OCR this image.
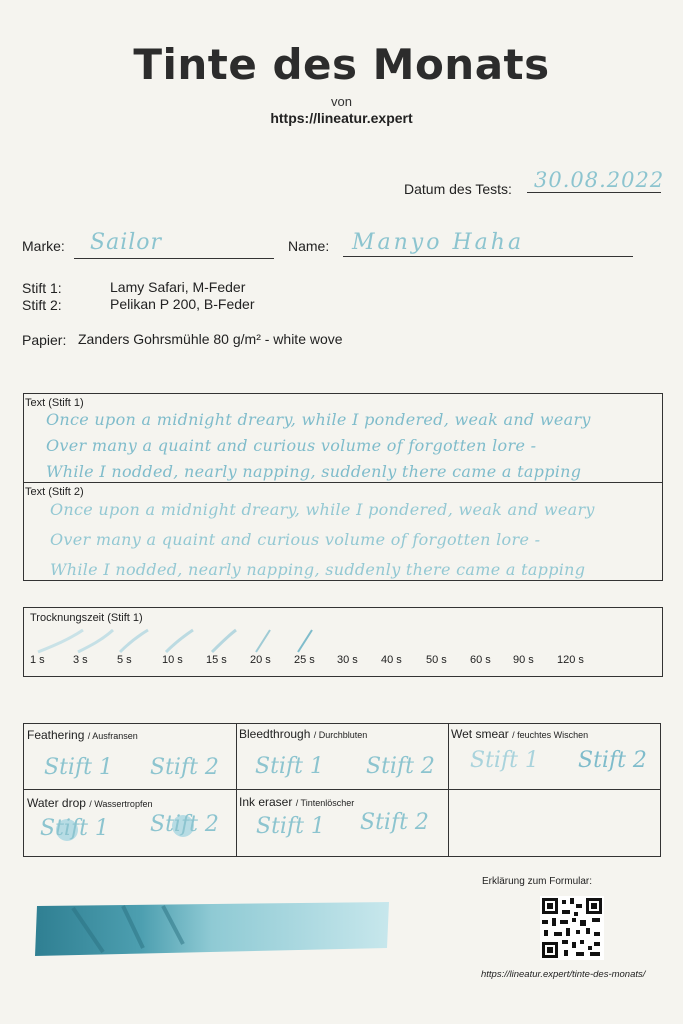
Tinte des Monats
von
https://lineatur.expert
Datum des Tests: 30.08.2022
Marke: Sailor	Name: Manyo Haha
Stift 1:	Lamy Safari, M-Feder
Stift 2:	Pelikan P 200, B-Feder
Papier: Zanders Gohrsmühle 80 g/m² - white wove
Text (Stift 1)
Once upon a midnight dreary, while I pondered, weak and weary
Over many a quaint and curious volume of forgotten lore -
While I nodded, nearly napping, suddenly there came a tapping
Text (Stift 2)
Once upon a midnight dreary, while I pondered, weak and weary
Over many a quaint and curious volume of forgotten lore -
While I nodded, nearly napping, suddenly there came a tapping
Trocknungszeit (Stift 1)
1 s	3 s	5 s	10 s 15 s 20 s 25 s 30 s 40 s 50 s 60 s 90 s 120 s
Feathering / Ausfransen
Stift 1 Stift 2
Bleedthrough / Durchbluten
Stift 1 Stift 2
Wet smear / feuchtes Wischen
Stift 1 Stift 2
Water drop / Wassertropfen
Stift 1 Stift 2
Ink eraser / Tintenlöscher
Stift 1 Stift 2
Erklärung zum Formular:
https://lineatur.expert/tinte-des-monats/
